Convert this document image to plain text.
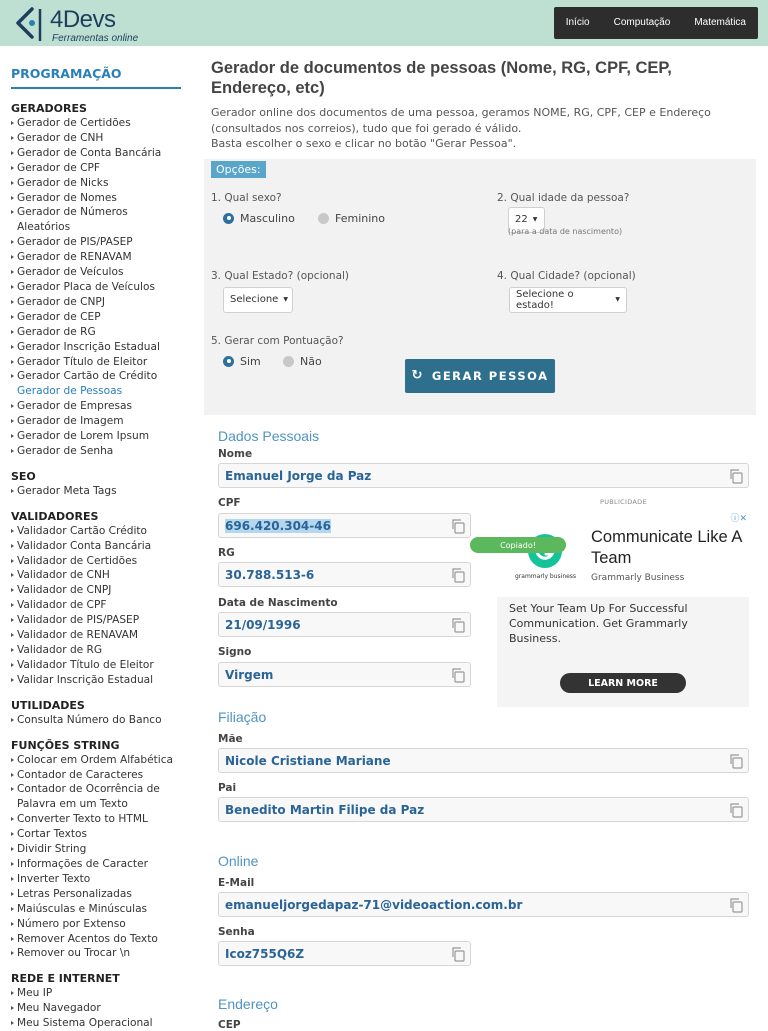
4Devs
Ferramentas online
Início	Computação	Matemática
PROGRAMAÇÃO
GERADORES
Gerador de Certidões
Gerador de CNH
Gerador de Conta Bancária
Gerador de CPF
Gerador de Nicks
Gerador de Nomes
Gerador de Números Aleatórios
Gerador de PIS/PASEP
Gerador de RENAVAM
Gerador de Veículos
Gerador Placa de Veículos
Gerador de CNPJ
Gerador de CEP
Gerador de RG
Gerador Inscrição Estadual
Gerador Título de Eleitor
Gerador Cartão de Crédito
Gerador de Pessoas
Gerador de Empresas
Gerador de Imagem
Gerador de Lorem Ipsum
Gerador de Senha
SEO
Gerador Meta Tags
VALIDADORES
Validador Cartão Crédito
Validador Conta Bancária
Validador de Certidões
Validador de CNH
Validador de CNPJ
Validador de CPF
Validador de PIS/PASEP
Validador de RENAVAM
Validador de RG
Validador Título de Eleitor
Validar Inscrição Estadual
UTILIDADES
Consulta Número do Banco
FUNÇÕES STRING
Colocar em Ordem Alfabética
Contador de Caracteres
Contador de Ocorrência de Palavra em um Texto
Converter Texto to HTML
Cortar Textos
Dividir String
Informações de Caracter
Inverter Texto
Letras Personalizadas
Maiúsculas e Minúsculas
Número por Extenso
Remover Acentos do Texto
Remover ou Trocar \n
REDE E INTERNET
Meu IP
Meu Navegador
Meu Sistema Operacional
Gerador de documentos de pessoas (Nome, RG, CPF, CEP, Endereço, etc)
Gerador online dos documentos de uma pessoa, geramos NOME, RG, CPF, CEP e Endereço (consultados nos correios), tudo que foi gerado é válido.
Basta escolher o sexo e clicar no botão "Gerar Pessoa".
Opções:
1. Qual sexo?
Masculino	Feminino
2. Qual idade da pessoa?
22 ▼
(para a data de nascimento)
3. Qual Estado? (opcional)
Selecione ▼
4. Qual Cidade? (opcional)
Selecione o estado!	▼
5. Gerar com Pontuação?
Sim	Não
↻ GERAR PESSOA
Dados Pessoais
Nome
Emanuel Jorge da Paz
CPF
696.420.304-46
RG
30.788.513-6
Data de Nascimento
21/09/1996
Signo
Virgem
Filiação
Mãe
Nicole Cristiane Mariane
Pai
Benedito Martin Filipe da Paz
Online
E-Mail
emanueljorgedapaz-71@videoaction.com.br
Senha
Icoz755Q6Z
Endereço
CEP
PUBLICIDADE
grammarly business
Communicate Like A Team
Grammarly Business
ⓘ✕
Set Your Team Up For Successful Communication. Get Grammarly Business.
LEARN MORE
Copiado!
